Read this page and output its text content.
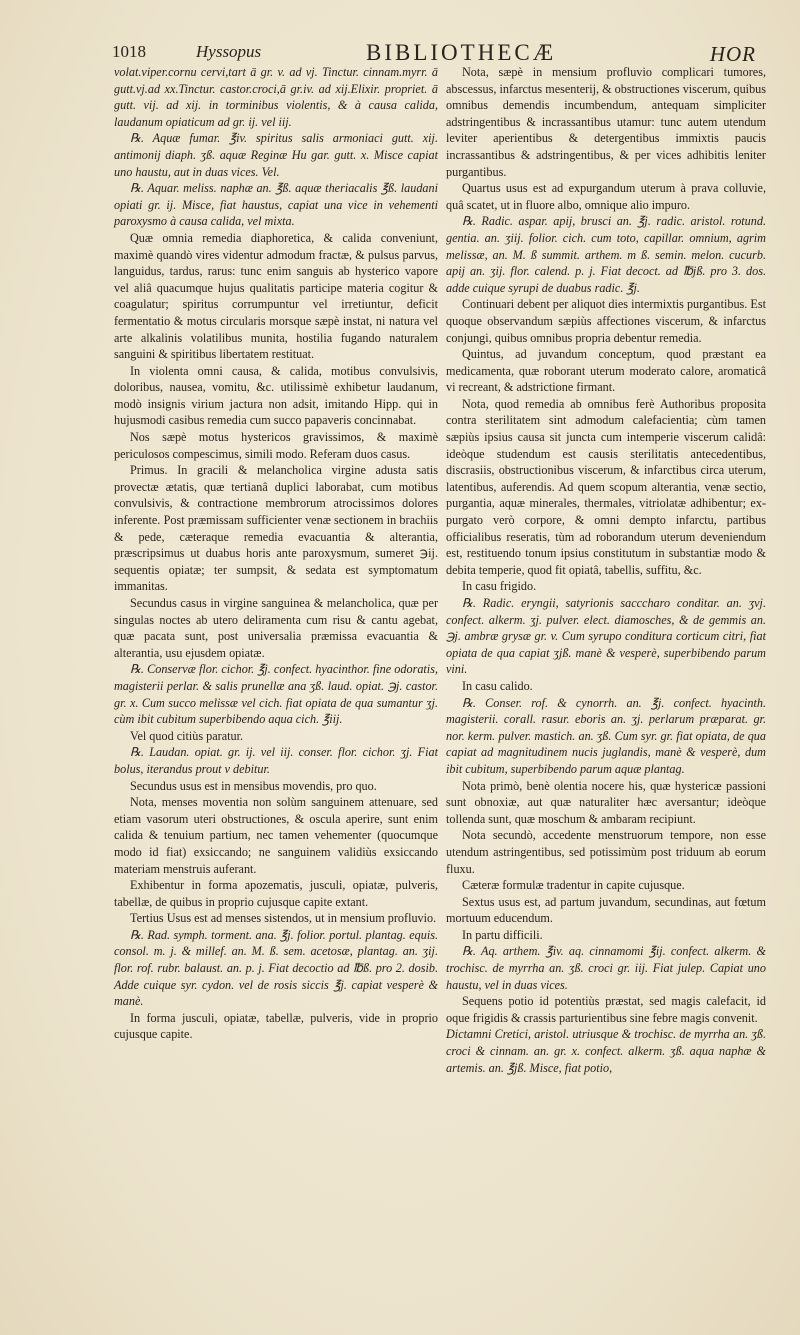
1018	Hyssopus	BIBLIOTHECÆ	HOR

volat.viper.cornu cervi,tart ā gr. v. ad vj. Tinctur. cinnam.myrr. ā gutt.vj.ad xx.Tinctur. castor.croci,ā gr.iv. ad xij.Elixir. propriet. ā gutt. vij. ad xij. in torminibus violentis, & à causa calida, laudanum opiaticum ad gr. ij. vel iij.

℞. Aquæ fumar. ℥iv. spiritus salis armoniaci gutt. xij. antimonij diaph. ʒß. aquæ Reginæ Hu gar. gutt. x. Misce capiat uno haustu, aut in duas vices. Vel.

℞. Aquar. meliss. naphæ an. ℥ß. aquæ theriacalis ℥ß. laudani opiati gr. ij. Misce, fiat haustus, capiat una vice in vehementi paroxysmo à causa calida, vel mixta.

Quæ omnia remedia diaphoretica, & calida conveniunt, maximè quandò vires videntur admodum fractæ, & pulsus parvus, languidus, tardus, rarus: tunc enim sanguis ab hysterico vapore vel aliâ quacumque hujus qualitatis participe materia cogitur & coagulatur; spiritus corrumpuntur vel irretiuntur, deficit fermentatio & motus circularis morsque sæpè instat, ni natura vel arte alkalinis volatilibus munita, hostilia fugando naturalem sanguini & spiritibus libertatem restituat.

In violenta omni causa, & calida, motibus convulsivis, doloribus, nausea, vomitu, &c. utilissimè exhibetur laudanum, modò insignis virium jactura non adsit, imitando Hipp. qui in hujusmodi casibus remedia cum succo papaveris concinnabat.

Nos sæpè motus hystericos gravissimos, & maximè periculosos compescimus, simili modo. Referam duos casus.

Primus. In gracili & melancholica virgine adusta satis provectæ ætatis, quæ tertianâ duplici laborabat, cum motibus convulsivis, & contractione membrorum atrocissimos dolores inferente. Post præmissam sufficienter venæ sectionem in brachiis & pede, cæteraque remedia evacuantia & alterantia, præscripsimus ut duabus horis ante paroxysmum, sumeret ℈ij. sequentis opiatæ; ter sumpsit, & sedata est symptomatum immanitas.

Secundus casus in virgine sanguinea & melancholica, quæ per singulas noctes ab utero deliramenta cum risu & cantu agebat, quæ pacata sunt, post universalia præmissa evacuantia & alterantia, usu ejusdem opiatæ.

℞. Conservæ flor. cichor. ℥j. confect. hyacinthor. fine odoratis, magisterii perlar. & salis prunellæ ana ʒß. laud. opiat. ℈j. castor. gr. x. Cum succo melissæ vel cich. fiat opiata de qua sumantur ʒj. cùm ibit cubitum superbibendo aqua cich. ℥iij.

Vel quod citiùs paratur.

℞. Laudan. opiat. gr. ij. vel iij. conser. flor. cichor. ʒj. Fiat bolus, iterandus prout v debitur.

Secundus usus est in mensibus movendis, pro quo.

Nota, menses moventia non solùm sanguinem attenuare, sed etiam vasorum uteri obstructiones, & oscula aperire, sunt enim calida & tenuium partium, nec tamen vehementer (quocumque modo id fiat) exsiccando; ne sanguinem validiùs exsiccando materiam menstruis auferant.

Exhibentur in forma apozematis, jusculi, opiatæ, pulveris, tabellæ, de quibus in proprio cujusque capite extant.

Tertius Usus est ad menses sistendos, ut in mensium profluvio.

℞. Rad. symph. torment. ana. ℥j. folior. portul. plantag. equis. consol. m. j. & millef. an. M. ß. sem. acetosæ, plantag. an. ʒij. flor. rof. rubr. balaust. an. p. j. Fiat decoctio ad ℔ß. pro 2. dosib. Adde cuique syr. cydon. vel de rosis siccis ℥j. capiat vesperè & manè.

In forma jusculi, opiatæ, tabellæ, pulveris, vide in proprio cujusque capite.

Nota, sæpè in mensium profluvio complicari tumores, abscessus, infarctus mesenterij, & obstructiones viscerum, quibus omnibus demendis incumbendum, antequam simpliciter adstringentibus & incrassantibus utamur: tunc autem utendum leviter aperientibus & detergentibus immixtis paucis incrassantibus & adstringentibus, & per vices adhibitis leniter purgantibus.

Quartus usus est ad expurgandum uterum à prava colluvie, quâ scatet, ut in fluore albo, omnique alio impuro.

℞. Radic. aspar. apij, brusci an. ℥j. radic. aristol. rotund. gentia. an. ʒiij. folior. cich. cum toto, capillar. omnium, agrim melissæ, an. M. ß summit. arthem. m ß. semin. melon. cucurb. apij an. ʒij. flor. calend. p. j. Fiat decoct. ad ℔jß. pro 3. dos. adde cuique syrupi de duabus radic. ℥j.

Continuari debent per aliquot dies intermixtis purgantibus. Est quoque observandum sæpiùs affectiones viscerum, & infarctus conjungi, quibus omnibus propria debentur remedia.

Quintus, ad juvandum conceptum, quod præstant ea medicamenta, quæ roborant uterum moderato calore, aromaticâ vi recreant, & adstrictione firmant.

Nota, quod remedia ab omnibus ferè Authoribus proposita contra sterilitatem sint admodum calefacientia; cùm tamen sæpiùs ipsius causa sit juncta cum intemperie viscerum calidâ: ideòque studendum est causis sterilitatis antecedentibus, discrasiis, obstructionibus viscerum, & infarctibus circa uterum, latentibus, auferendis. Ad quem scopum alterantia, venæ sectio, purgantia, aquæ minerales, thermales, vitriolatæ adhibentur; ex-purgato verò corpore, & omni dempto infarctu, partibus officialibus reseratis, tùm ad roborandum uterum deveniendum est, restituendo tonum ipsius constitutum in substantiæ modo & debita temperie, quod fit opiatâ, tabellis, suffitu, &c.

In casu frigido.

℞. Radic. eryngii, satyrionis sacccharo conditar. an. ʒvj. confect. alkerm. ʒj. pulver. elect. diamosches, & de gemmis an. ℈j. ambræ grysæ gr. v. Cum syrupo conditura corticum citri, fiat opiata de qua capiat ʒjß. manè & vesperè, superbibendo parum vini.

In casu calido.

℞. Conser. rof. & cynorrh. an. ℥j. confect. hyacinth. magisterii. corall. rasur. eboris an. ʒj. perlarum præparat. gr. nor. kerm. pulver. mastich. an. ʒß. Cum syr. gr. fiat opiata, de qua capiat ad magnitudinem nucis juglandis, manè & vesperè, dum ibit cubitum, superbibendo parum aquæ plantag.

Nota primò, benè olentia nocere his, quæ hystericæ passioni sunt obnoxiæ, aut quæ naturaliter hæc aversantur; ideòque tollenda sunt, quæ moschum & ambaram recipiunt.

Nota secundò, accedente menstruorum tempore, non esse utendum astringentibus, sed potissimùm post triduum ab eorum fluxu.

Cæteræ formulæ tradentur in capite cujusque.

Sextus usus est, ad partum juvandum, secundinas, aut fœtum mortuum educendum.

In partu difficili.

℞. Aq. arthem. ℥iv. aq. cinnamomi ℥ij. confect. alkerm. & trochisc. de myrrha an. ʒß. croci gr. iij. Fiat julep. Capiat uno haustu, vel in duas vices.

Sequens potio id potentiùs præstat, sed magis calefacit, id oque frigidis & crassis parturientibus sine febre magis convenit.

Dictamni Cretici, aristol. utriusque & trochisc. de myrrha an. ʒß. croci & cinnam. an. gr. x. confect. alkerm. ʒß. aqua naphæ & artemis. an. ℥jß. Misce, fiat potio,
